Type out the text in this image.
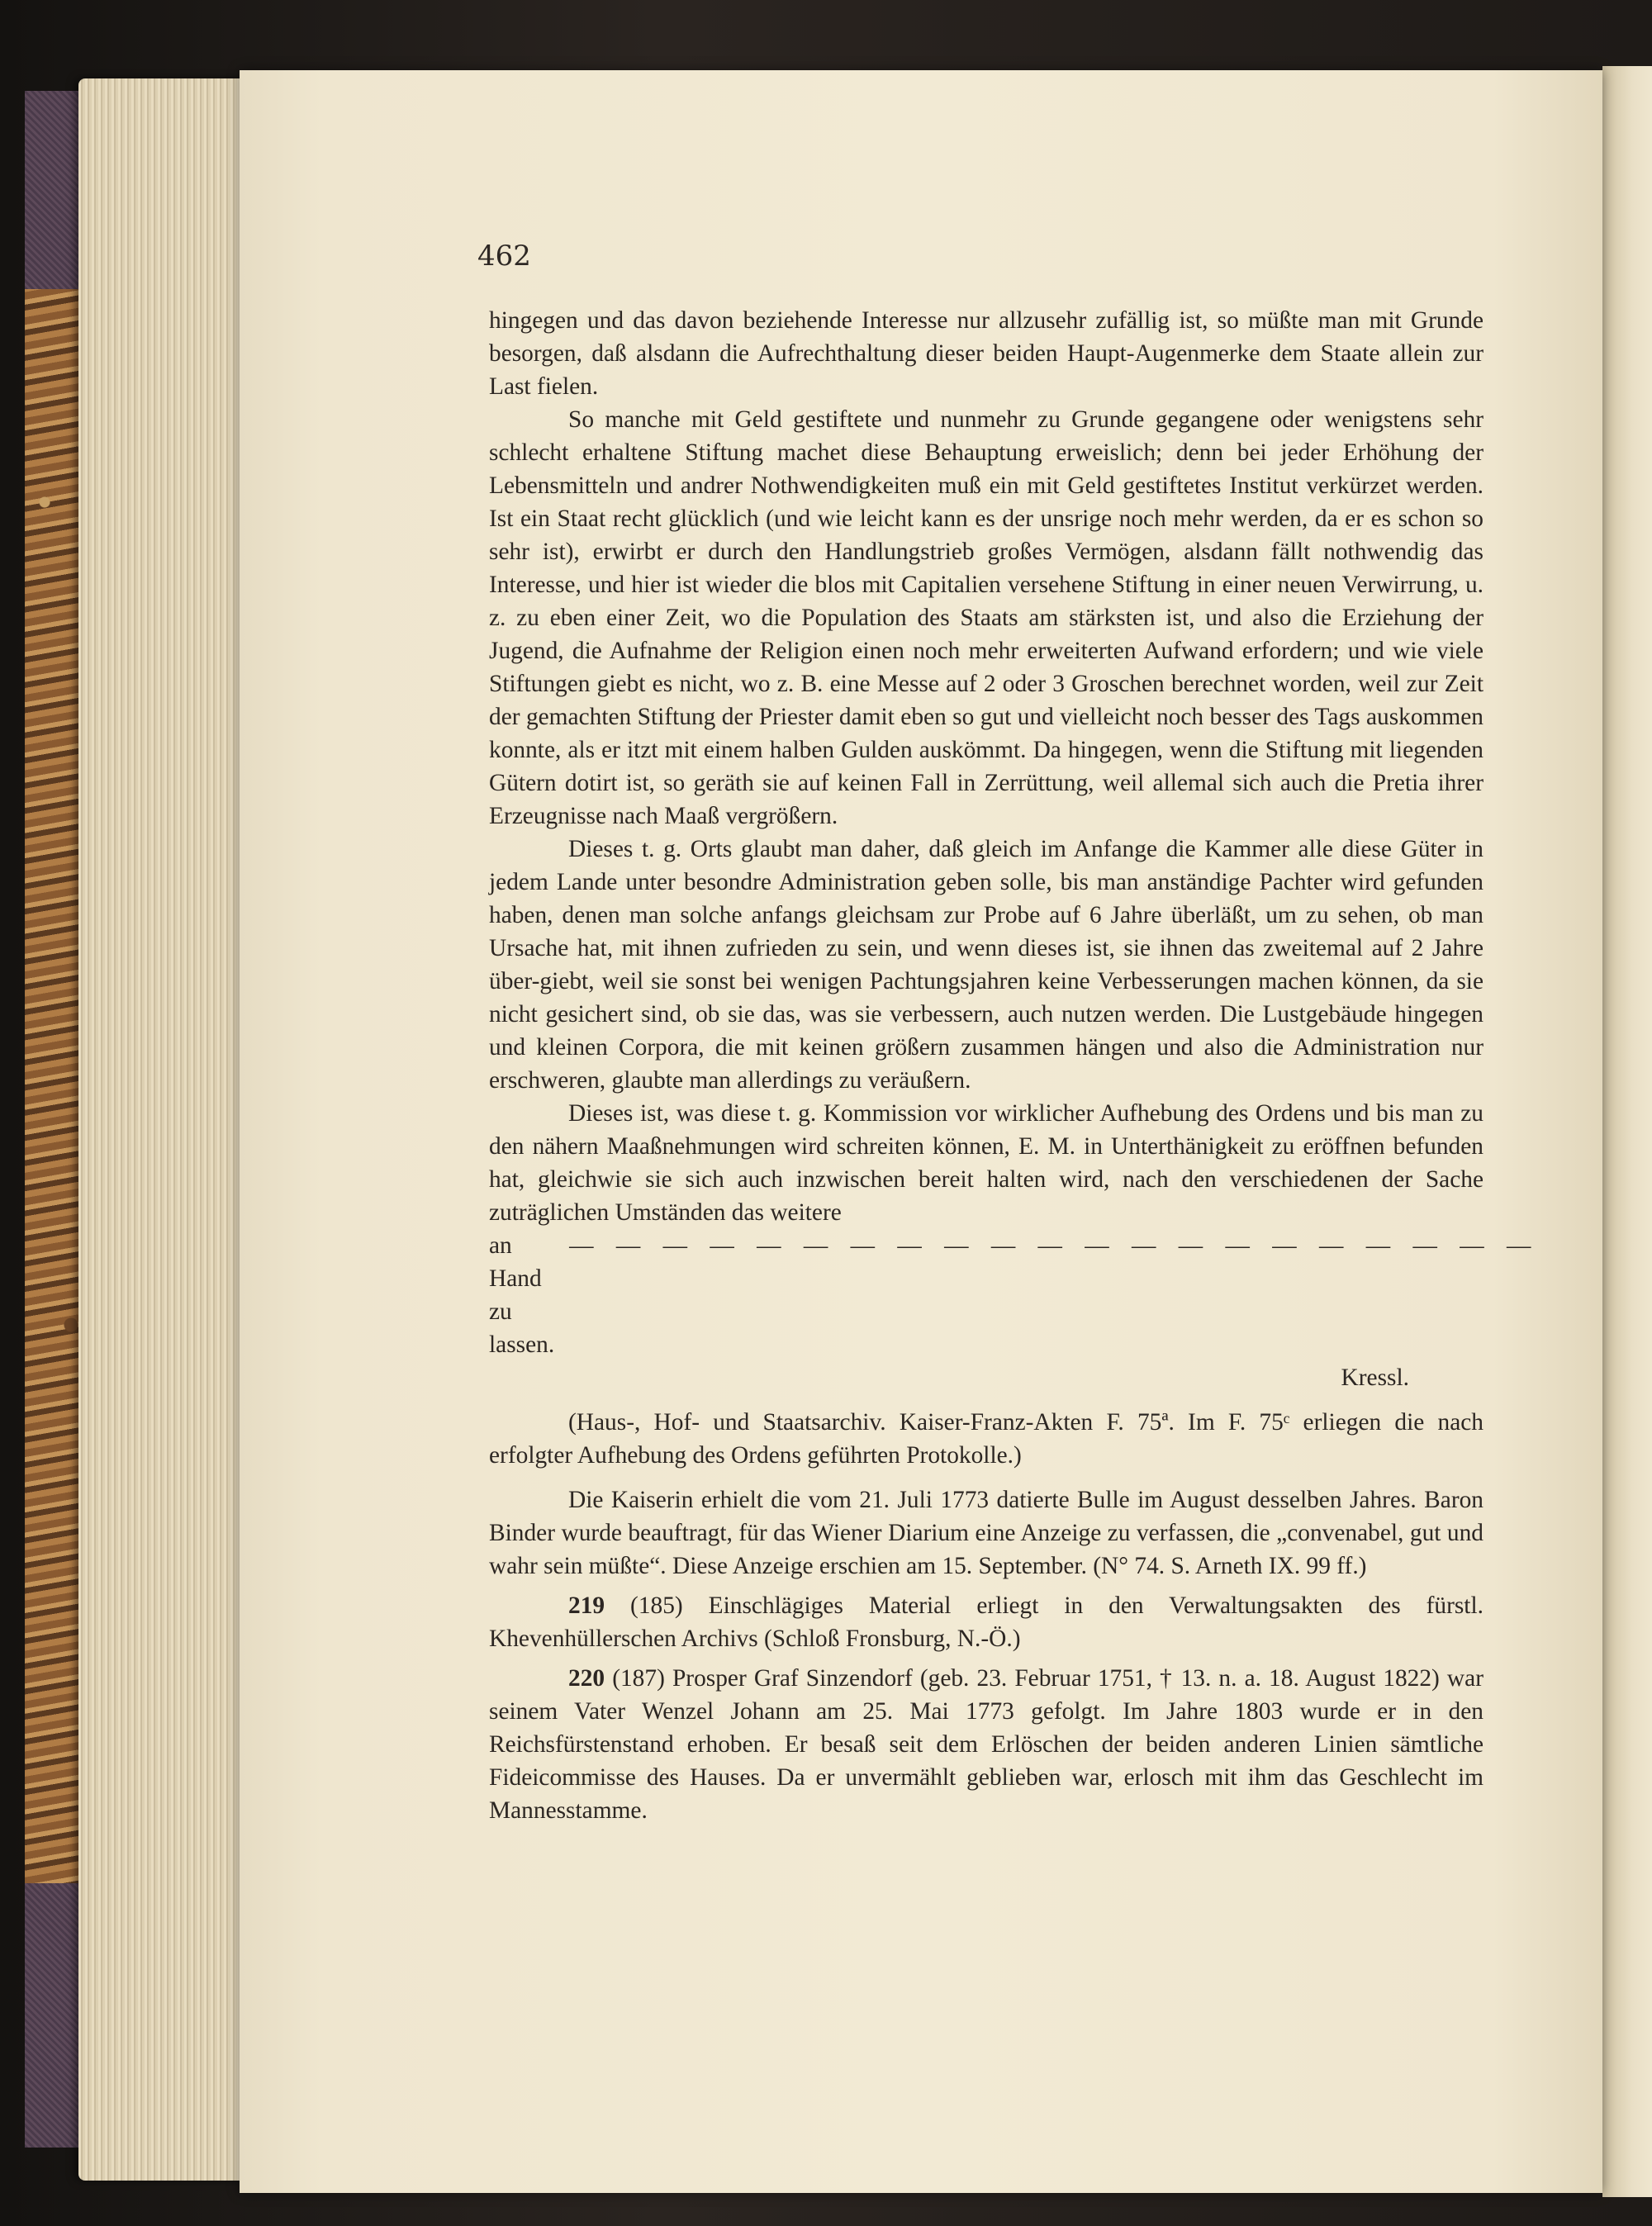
462

hingegen und das davon beziehende Interesse nur allzusehr zufällig ist, so müßte man mit Grunde besorgen, daß alsdann die Aufrechthaltung dieser beiden Haupt-Augenmerke dem Staate allein zur Last fielen.

So manche mit Geld gestiftete und nunmehr zu Grunde gegangene oder wenigstens sehr schlecht erhaltene Stiftung machet diese Behauptung erweislich; denn bei jeder Erhöhung der Lebensmitteln und andrer Nothwendigkeiten muß ein mit Geld gestiftetes Institut verkürzet werden. Ist ein Staat recht glücklich (und wie leicht kann es der unsrige noch mehr werden, da er es schon so sehr ist), erwirbt er durch den Handlungstrieb großes Vermögen, alsdann fällt nothwendig das Interesse, und hier ist wieder die blos mit Capitalien versehene Stiftung in einer neuen Verwirrung, u. z. zu eben einer Zeit, wo die Population des Staats am stärksten ist, und also die Erziehung der Jugend, die Aufnahme der Religion einen noch mehr erweiterten Aufwand erfordern; und wie viele Stiftungen giebt es nicht, wo z. B. eine Messe auf 2 oder 3 Groschen berechnet worden, weil zur Zeit der gemachten Stiftung der Priester damit eben so gut und vielleicht noch besser des Tags auskommen konnte, als er itzt mit einem halben Gulden auskömmt. Da hingegen, wenn die Stiftung mit liegenden Gütern dotirt ist, so geräth sie auf keinen Fall in Zerrüttung, weil allemal sich auch die Pretia ihrer Erzeugnisse nach Maaß vergrößern.

Dieses t. g. Orts glaubt man daher, daß gleich im Anfange die Kammer alle diese Güter in jedem Lande unter besondre Administration geben solle, bis man anständige Pachter wird gefunden haben, denen man solche anfangs gleichsam zur Probe auf 6 Jahre überläßt, um zu sehen, ob man Ursache hat, mit ihnen zufrieden zu sein, und wenn dieses ist, sie ihnen das zweitemal auf 2 Jahre über-giebt, weil sie sonst bei wenigen Pachtungsjahren keine Verbesserungen machen können, da sie nicht gesichert sind, ob sie das, was sie verbessern, auch nutzen werden. Die Lustgebäude hingegen und kleinen Corpora, die mit keinen größern zusammen hängen und also die Administration nur erschweren, glaubte man allerdings zu veräußern.

Dieses ist, was diese t. g. Kommission vor wirklicher Aufhebung des Ordens und bis man zu den nähern Maaßnehmungen wird schreiten können, E. M. in Unterthänigkeit zu eröffnen befunden hat, gleichwie sie sich auch inzwischen bereit halten wird, nach den verschiedenen der Sache zuträglichen Umständen das weitere

an Hand zu lassen.
— — — — — — — — — — — — — — — — — — — — —

Kressl.

(Haus-, Hof- und Staatsarchiv. Kaiser-Franz-Akten F. 75ª. Im F. 75ᶜ erliegen die nach erfolgter Aufhebung des Ordens geführten Protokolle.)

Die Kaiserin erhielt die vom 21. Juli 1773 datierte Bulle im August desselben Jahres. Baron Binder wurde beauftragt, für das Wiener Diarium eine Anzeige zu verfassen, die „convenabel, gut und wahr sein müßte“. Diese Anzeige erschien am 15. September. (N° 74. S. Arneth IX. 99 ff.)

219 (185) Einschlägiges Material erliegt in den Verwaltungsakten des fürstl. Khevenhüllerschen Archivs (Schloß Fronsburg, N.-Ö.)

220 (187) Prosper Graf Sinzendorf (geb. 23. Februar 1751, † 13. n. a. 18. August 1822) war seinem Vater Wenzel Johann am 25. Mai 1773 gefolgt. Im Jahre 1803 wurde er in den Reichsfürstenstand erhoben. Er besaß seit dem Erlöschen der beiden anderen Linien sämtliche Fideicommisse des Hauses. Da er unvermählt geblieben war, erlosch mit ihm das Geschlecht im Mannesstamme.
